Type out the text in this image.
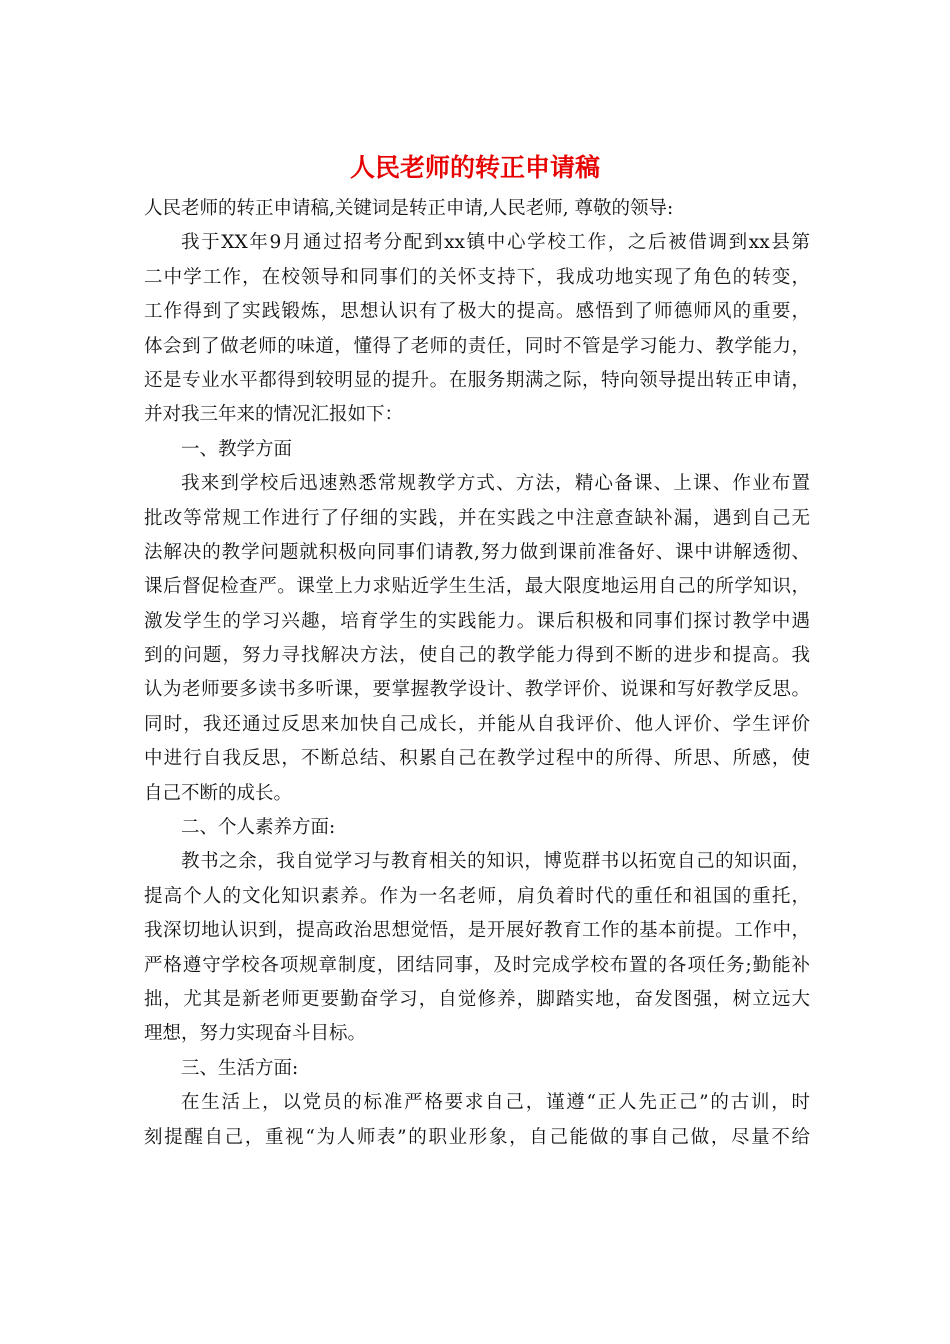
人民老师的转正申请稿
人民老师的转正申请稿,关键词是转正申请,人民老师, 尊敬的领导:
我于XX年9月通过招考分配到xx镇中心学校工作，之后被借调到xx县第
二中学工作，在校领导和同事们的关怀支持下，我成功地实现了角色的转变，
工作得到了实践锻炼，思想认识有了极大的提高。感悟到了师德师风的重要，
体会到了做老师的味道，懂得了老师的责任，同时不管是学习能力、教学能力，
还是专业水平都得到较明显的提升。在服务期满之际，特向领导提出转正申请，
并对我三年来的情况汇报如下：
一、教学方面
我来到学校后迅速熟悉常规教学方式、方法，精心备课、上课、作业布置
批改等常规工作进行了仔细的实践，并在实践之中注意查缺补漏，遇到自己无
法解决的教学问题就积极向同事们请教,努力做到课前准备好、课中讲解透彻、
课后督促检查严。课堂上力求贴近学生生活，最大限度地运用自己的所学知识，
激发学生的学习兴趣，培育学生的实践能力。课后积极和同事们探讨教学中遇
到的问题，努力寻找解决方法，使自己的教学能力得到不断的进步和提高。我
认为老师要多读书多听课，要掌握教学设计、教学评价、说课和写好教学反思。
同时，我还通过反思来加快自己成长，并能从自我评价、他人评价、学生评价
中进行自我反思，不断总结、积累自己在教学过程中的所得、所思、所感，使
自己不断的成长。
二、个人素养方面:
教书之余，我自觉学习与教育相关的知识，博览群书以拓宽自己的知识面，
提高个人的文化知识素养。作为一名老师，肩负着时代的重任和祖国的重托，
我深切地认识到，提高政治思想觉悟，是开展好教育工作的基本前提。工作中，
严格遵守学校各项规章制度，团结同事，及时完成学校布置的各项任务;勤能补
拙，尤其是新老师更要勤奋学习，自觉修养，脚踏实地，奋发图强，树立远大
理想，努力实现奋斗目标。
三、生活方面:
在生活上，以党员的标准严格要求自己，谨遵“正人先正己”的古训，时
刻提醒自己，重视“为人师表”的职业形象，自己能做的事自己做，尽量不给
